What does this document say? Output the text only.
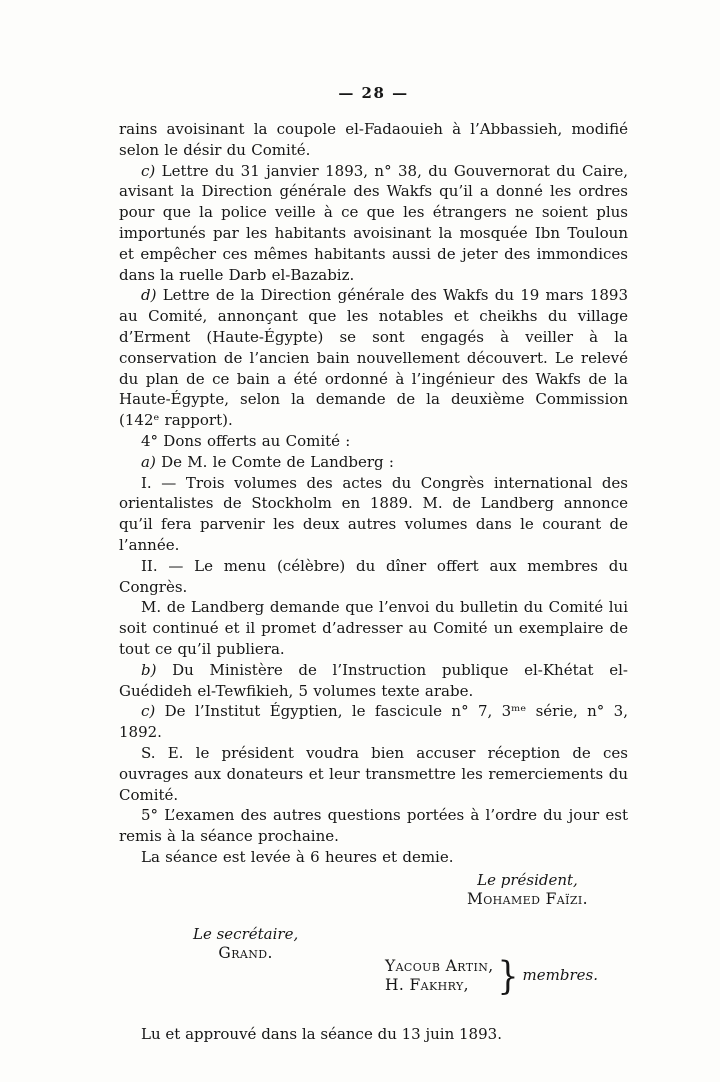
— 28 —

rains avoisinant la coupole el-Fadaouieh à l’Abbassieh, modifié selon le désir du Comité.

c) Lettre du 31 janvier 1893, n° 38, du Gouvernorat du Caire, avisant la Direction générale des Wakfs qu’il a donné les ordres pour que la police veille à ce que les étrangers ne soient plus importunés par les habitants avoisinant la mosquée Ibn Touloun et empêcher ces mêmes habitants aussi de jeter des immondices dans la ruelle Darb el-Bazabiz.

d) Lettre de la Direction générale des Wakfs du 19 mars 1893 au Comité, annonçant que les notables et cheikhs du village d’Erment (Haute-Égypte) se sont engagés à veiller à la conservation de l’ancien bain nouvellement découvert. Le relevé du plan de ce bain a été ordonné à l’ingénieur des Wakfs de la Haute-Égypte, selon la demande de la deuxième Commission (142ᵉ rapport).

4° Dons offerts au Comité :

a) De M. le Comte de Landberg :

I. — Trois volumes des actes du Congrès international des orientalistes de Stockholm en 1889. M. de Landberg annonce qu’il fera parvenir les deux autres volumes dans le courant de l’année.

II. — Le menu (célèbre) du dîner offert aux membres du Congrès.

M. de Landberg demande que l’envoi du bulletin du Comité lui soit continué et il promet d’adresser au Comité un exemplaire de tout ce qu’il publiera.

b) Du Ministère de l’Instruction publique el-Khétat el-Guédideh el-Tewfikieh, 5 volumes texte arabe.

c) De l’Institut Égyptien, le fascicule n° 7, 3ᵐᵉ série, n° 3, 1892.

S. E. le président voudra bien accuser réception de ces ouvrages aux donateurs et leur transmettre les remerciements du Comité.

5° L’examen des autres questions portées à l’ordre du jour est remis à la séance prochaine.

La séance est levée à 6 heures et demie.

Le président,
Mohamed Faïzi.
Le secrétaire,
Grand.
Yacoub Artin,
H. Fakhry, } membres.

Lu et approuvé dans la séance du 13 juin 1893.
